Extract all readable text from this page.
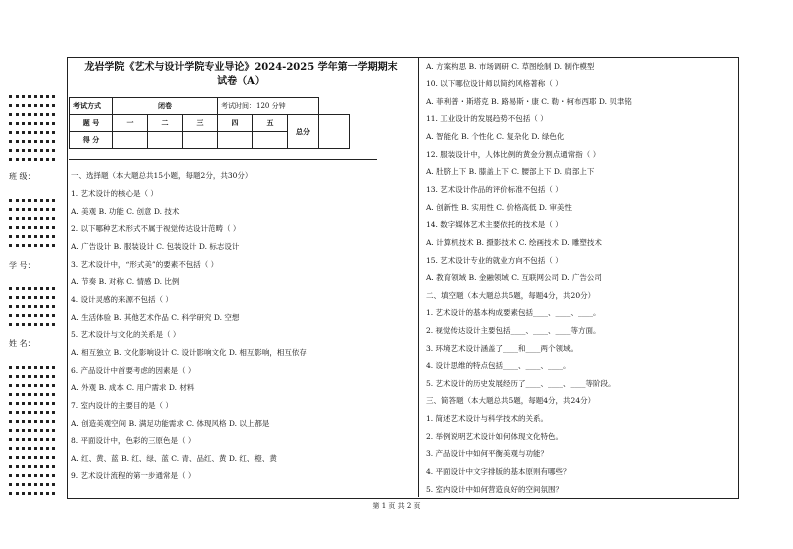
班 级：
学 号：
姓 名：
龙岩学院《艺术与设计学院专业导论》2024-2025 学年第一学期期末
试卷（A）
考试方式	闭卷			考试时间：120 分钟			
题 号	一	二	三	四	五	总分	
得 分							
一、选择题（本大题总共15小题，每题2分，共30分）
1. 艺术设计的核心是（ ）
A. 美观 B. 功能 C. 创意 D. 技术
2. 以下哪种艺术形式不属于视觉传达设计范畴（ ）
A. 广告设计 B. 服装设计 C. 包装设计 D. 标志设计
3. 艺术设计中，“形式美”的要素不包括（ ）
A. 节奏 B. 对称 C. 情感 D. 比例
4. 设计灵感的来源不包括（ ）
A. 生活体验 B. 其他艺术作品 C. 科学研究 D. 空想
5. 艺术设计与文化的关系是（ ）
A. 相互独立 B. 文化影响设计 C. 设计影响文化 D. 相互影响，相互依存
6. 产品设计中首要考虑的因素是（ ）
A. 外观 B. 成本 C. 用户需求 D. 材料
7. 室内设计的主要目的是（ ）
A. 创造美观空间 B. 满足功能需求 C. 体现风格 D. 以上都是
8. 平面设计中，色彩的三原色是（ ）
A. 红、黄、蓝 B. 红、绿、蓝 C. 青、品红、黄 D. 红、橙、黄
9. 艺术设计流程的第一步通常是（ ）
A. 方案构思 B. 市场调研 C. 草图绘制 D. 制作模型
10. 以下哪位设计师以简约风格著称（ ）
A. 菲利普・斯塔克 B. 路易斯・康 C. 勒・柯布西耶 D. 贝聿铭
11. 工业设计的发展趋势不包括（ ）
A. 智能化 B. 个性化 C. 复杂化 D. 绿色化
12. 服装设计中，人体比例的黄金分割点通常指（ ）
A. 肚脐上下 B. 膝盖上下 C. 腰部上下 D. 肩部上下
13. 艺术设计作品的评价标准不包括（ ）
A. 创新性 B. 实用性 C. 价格高低 D. 审美性
14. 数字媒体艺术主要依托的技术是（ ）
A. 计算机技术 B. 摄影技术 C. 绘画技术 D. 雕塑技术
15. 艺术设计专业的就业方向不包括（ ）
A. 教育领域 B. 金融领域 C. 互联网公司 D. 广告公司
二、填空题（本大题总共5题，每题4分，共20分）
1. 艺术设计的基本构成要素包括____、____、____。
2. 视觉传达设计主要包括____、____、____等方面。
3. 环境艺术设计涵盖了____和____两个领域。
4. 设计思维的特点包括____、____、____。
5. 艺术设计的历史发展经历了____、____、____等阶段。
三、简答题（本大题总共5题，每题4分，共24分）
1. 简述艺术设计与科学技术的关系。
2. 举例说明艺术设计如何体现文化特色。
3. 产品设计中如何平衡美观与功能？
4. 平面设计中文字排版的基本原则有哪些？
5. 室内设计中如何营造良好的空间氛围？
第 1 页 共 2 页
